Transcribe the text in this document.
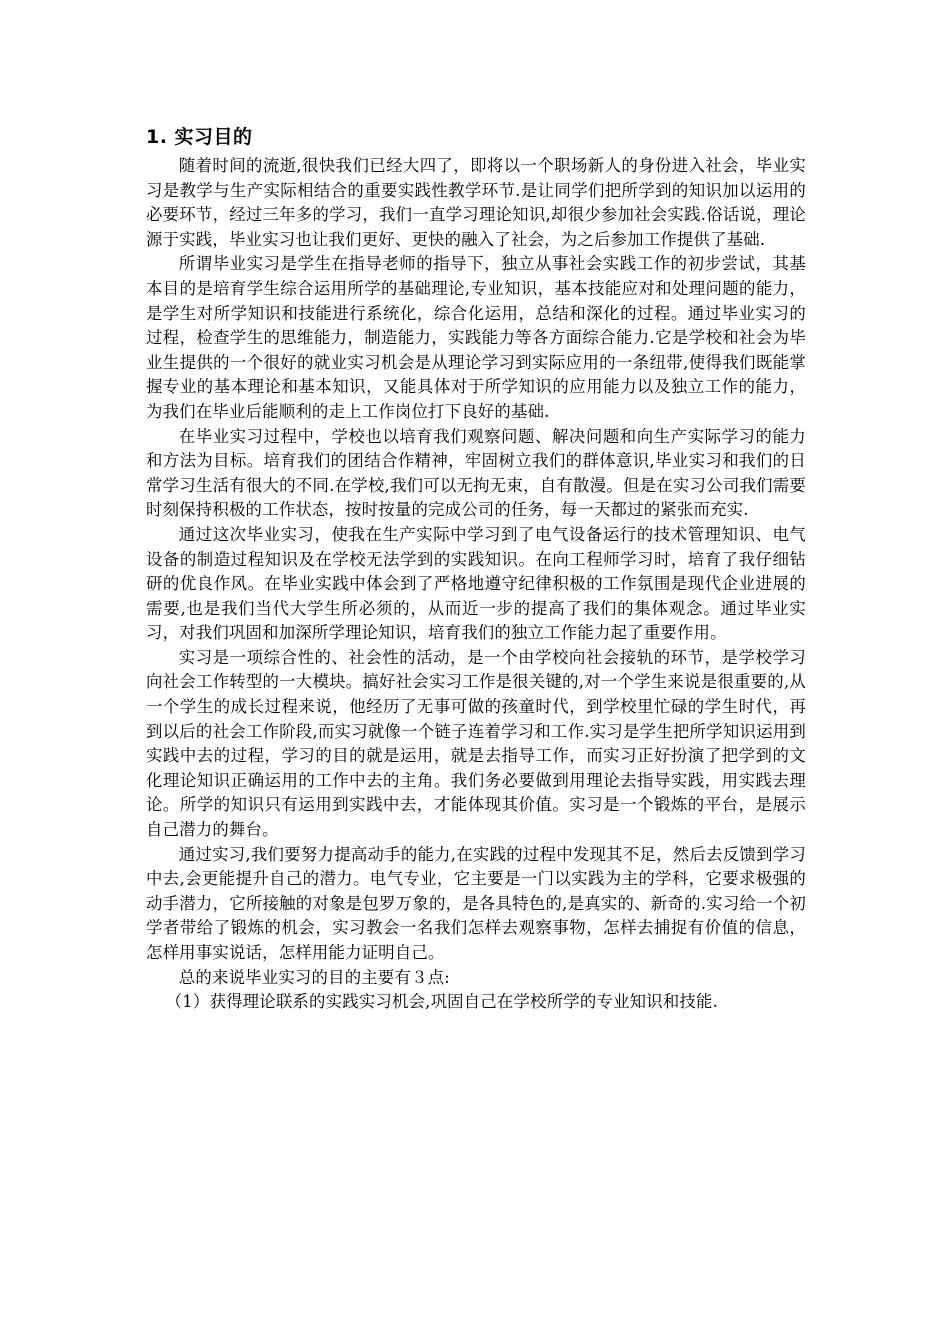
1. 实习目的

随着时间的流逝,很快我们已经大四了，即将以一个职场新人的身份进入社会，毕业实习是教学与生产实际相结合的重要实践性教学环节.是让同学们把所学到的知识加以运用的必要环节，经过三年多的学习，我们一直学习理论知识,却很少参加社会实践.俗话说，理论源于实践，毕业实习也让我们更好、更快的融入了社会，为之后参加工作提供了基础.

所谓毕业实习是学生在指导老师的指导下，独立从事社会实践工作的初步尝试，其基本目的是培育学生综合运用所学的基础理论,专业知识，基本技能应对和处理问题的能力，是学生对所学知识和技能进行系统化，综合化运用，总结和深化的过程。通过毕业实习的过程，检查学生的思维能力，制造能力，实践能力等各方面综合能力.它是学校和社会为毕业生提供的一个很好的就业实习机会是从理论学习到实际应用的一条纽带,使得我们既能掌握专业的基本理论和基本知识，又能具体对于所学知识的应用能力以及独立工作的能力，为我们在毕业后能顺利的走上工作岗位打下良好的基础.

在毕业实习过程中，学校也以培育我们观察问题、解决问题和向生产实际学习的能力和方法为目标。培育我们的团结合作精神，牢固树立我们的群体意识,毕业实习和我们的日常学习生活有很大的不同.在学校,我们可以无拘无束，自有散漫。但是在实习公司我们需要时刻保持积极的工作状态，按时按量的完成公司的任务，每一天都过的紧张而充实.

通过这次毕业实习，使我在生产实际中学习到了电气设备运行的技术管理知识、电气设备的制造过程知识及在学校无法学到的实践知识。在向工程师学习时，培育了我仔细钻研的优良作风。在毕业实践中体会到了严格地遵守纪律积极的工作氛围是现代企业进展的需要,也是我们当代大学生所必须的，从而近一步的提高了我们的集体观念。通过毕业实习，对我们巩固和加深所学理论知识，培育我们的独立工作能力起了重要作用。

实习是一项综合性的、社会性的活动，是一个由学校向社会接轨的环节，是学校学习向社会工作转型的一大模块。搞好社会实习工作是很关键的,对一个学生来说是很重要的,从一个学生的成长过程来说，他经历了无事可做的孩童时代，到学校里忙碌的学生时代，再到以后的社会工作阶段,而实习就像一个链子连着学习和工作.实习是学生把所学知识运用到实践中去的过程，学习的目的就是运用，就是去指导工作，而实习正好扮演了把学到的文化理论知识正确运用的工作中去的主角。我们务必要做到用理论去指导实践，用实践去理论。所学的知识只有运用到实践中去，才能体现其价值。实习是一个锻炼的平台，是展示自己潜力的舞台。

通过实习,我们要努力提高动手的能力,在实践的过程中发现其不足，然后去反馈到学习中去,会更能提升自己的潜力。电气专业，它主要是一门以实践为主的学科，它要求极强的动手潜力，它所接触的对象是包罗万象的，是各具特色的,是真实的、新奇的.实习给一个初学者带给了锻炼的机会，实习教会一名我们怎样去观察事物，怎样去捕捉有价值的信息，怎样用事实说话，怎样用能力证明自己。

总的来说毕业实习的目的主要有３点:

（1）获得理论联系的实践实习机会,巩固自己在学校所学的专业知识和技能.
